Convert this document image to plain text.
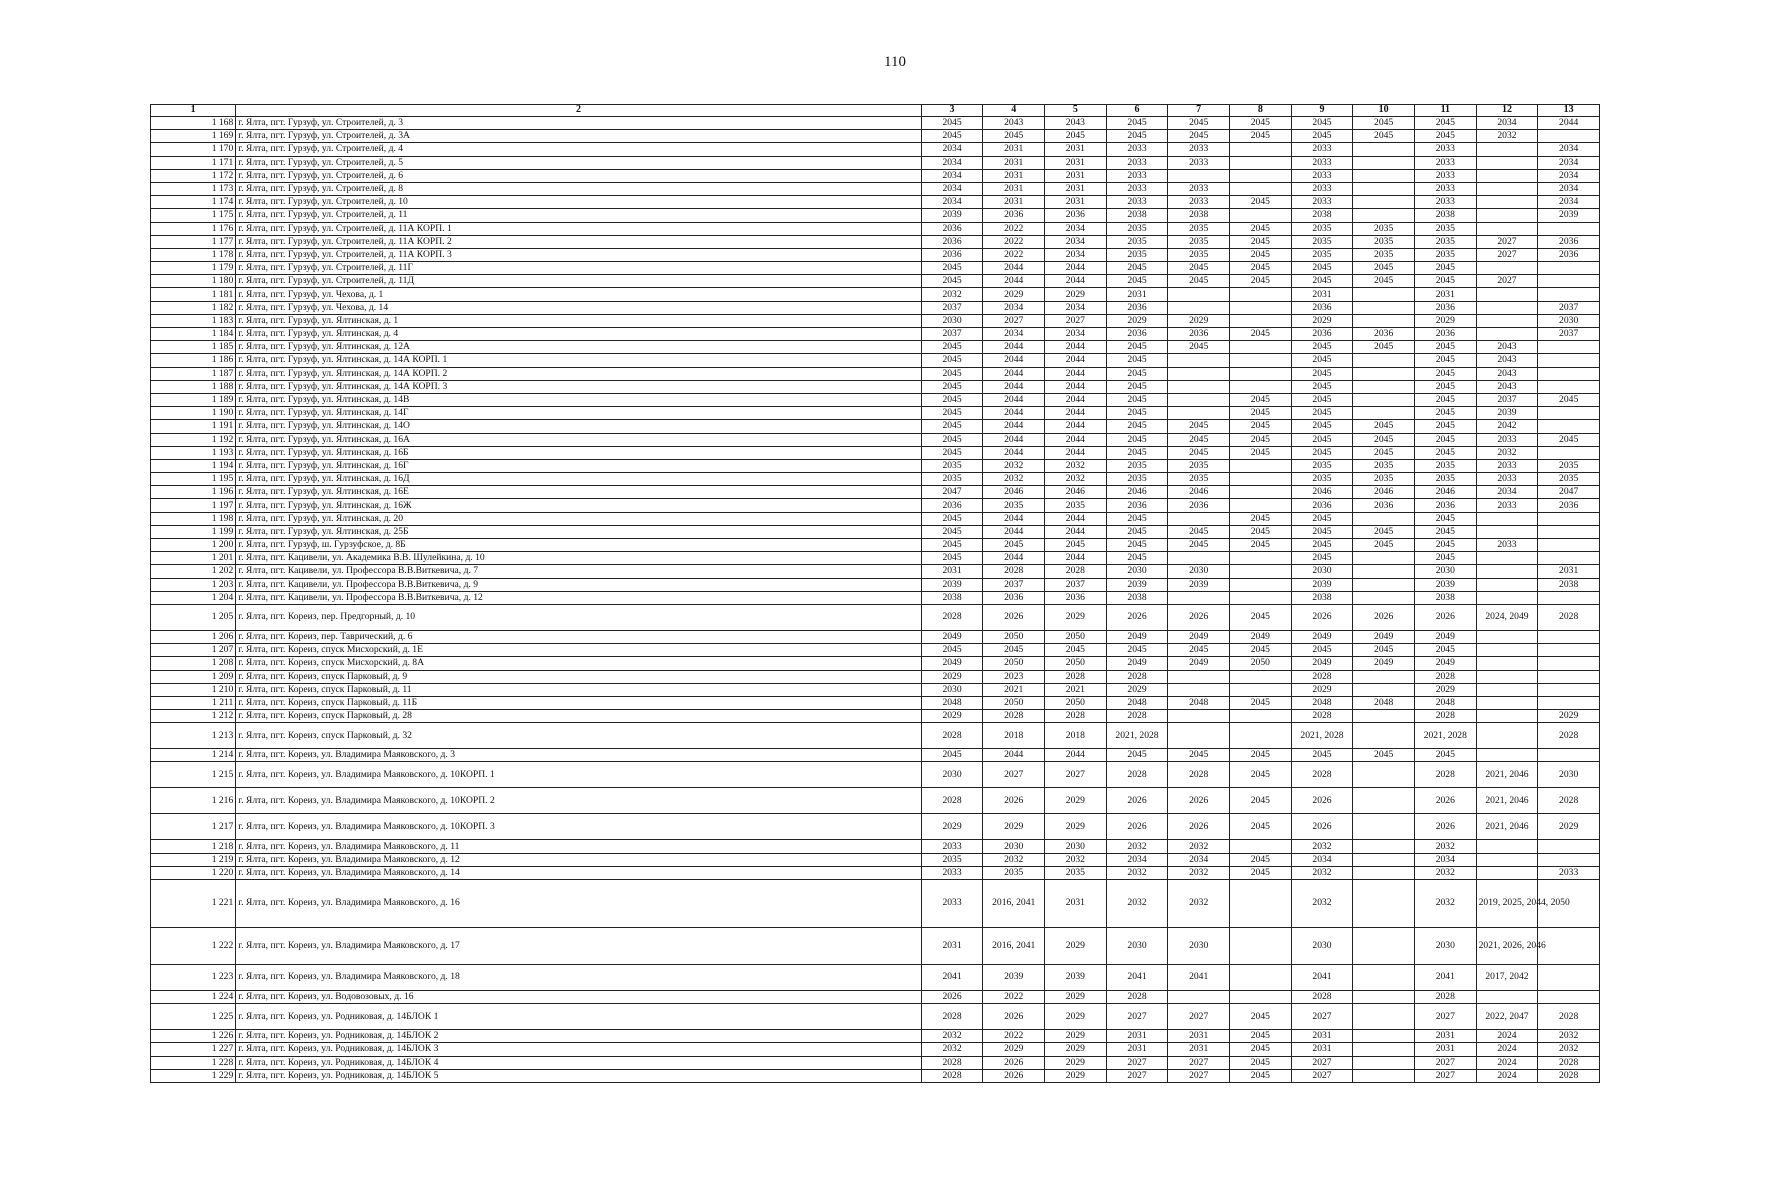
110
1	2	3	4	5	6	7	8	9	10	11	12	13
1 168	г. Ялта, пгт. Гурзуф, ул. Строителей, д. 3	2045	2043	2043	2045	2045	2045	2045	2045	2045	2034	2044
1 169	г. Ялта, пгт. Гурзуф, ул. Строителей, д. 3А	2045	2045	2045	2045	2045	2045	2045	2045	2045	2032	
1 170	г. Ялта, пгт. Гурзуф, ул. Строителей, д. 4	2034	2031	2031	2033	2033		2033		2033		2034
1 171	г. Ялта, пгт. Гурзуф, ул. Строителей, д. 5	2034	2031	2031	2033	2033		2033		2033		2034
1 172	г. Ялта, пгт. Гурзуф, ул. Строителей, д. 6	2034	2031	2031	2033			2033		2033		2034
1 173	г. Ялта, пгт. Гурзуф, ул. Строителей, д. 8	2034	2031	2031	2033	2033		2033		2033		2034
1 174	г. Ялта, пгт. Гурзуф, ул. Строителей, д. 10	2034	2031	2031	2033	2033	2045	2033		2033		2034
1 175	г. Ялта, пгт. Гурзуф, ул. Строителей, д. 11	2039	2036	2036	2038	2038		2038		2038		2039
1 176	г. Ялта, пгт. Гурзуф, ул. Строителей, д. 11А КОРП. 1	2036	2022	2034	2035	2035	2045	2035	2035	2035		
1 177	г. Ялта, пгт. Гурзуф, ул. Строителей, д. 11А КОРП. 2	2036	2022	2034	2035	2035	2045	2035	2035	2035	2027	2036
1 178	г. Ялта, пгт. Гурзуф, ул. Строителей, д. 11А КОРП. 3	2036	2022	2034	2035	2035	2045	2035	2035	2035	2027	2036
1 179	г. Ялта, пгт. Гурзуф, ул. Строителей, д. 11Г	2045	2044	2044	2045	2045	2045	2045	2045	2045		
1 180	г. Ялта, пгт. Гурзуф, ул. Строителей, д. 11Д	2045	2044	2044	2045	2045	2045	2045	2045	2045	2027	
1 181	г. Ялта, пгт. Гурзуф, ул. Чехова, д. 1	2032	2029	2029	2031			2031		2031		
1 182	г. Ялта, пгт. Гурзуф, ул. Чехова, д. 14	2037	2034	2034	2036			2036		2036		2037
1 183	г. Ялта, пгт. Гурзуф, ул. Ялтинская, д. 1	2030	2027	2027	2029	2029		2029		2029		2030
1 184	г. Ялта, пгт. Гурзуф, ул. Ялтинская, д. 4	2037	2034	2034	2036	2036	2045	2036	2036	2036		2037
1 185	г. Ялта, пгт. Гурзуф, ул. Ялтинская, д. 12А	2045	2044	2044	2045	2045		2045	2045	2045	2043	
1 186	г. Ялта, пгт. Гурзуф, ул. Ялтинская, д. 14А КОРП. 1	2045	2044	2044	2045			2045		2045	2043	
1 187	г. Ялта, пгт. Гурзуф, ул. Ялтинская, д. 14А КОРП. 2	2045	2044	2044	2045			2045		2045	2043	
1 188	г. Ялта, пгт. Гурзуф, ул. Ялтинская, д. 14А КОРП. 3	2045	2044	2044	2045			2045		2045	2043	
1 189	г. Ялта, пгт. Гурзуф, ул. Ялтинская, д. 14В	2045	2044	2044	2045		2045	2045		2045	2037	2045
1 190	г. Ялта, пгт. Гурзуф, ул. Ялтинская, д. 14Г	2045	2044	2044	2045		2045	2045		2045	2039	
1 191	г. Ялта, пгт. Гурзуф, ул. Ялтинская, д. 14О	2045	2044	2044	2045	2045	2045	2045	2045	2045	2042	
1 192	г. Ялта, пгт. Гурзуф, ул. Ялтинская, д. 16А	2045	2044	2044	2045	2045	2045	2045	2045	2045	2033	2045
1 193	г. Ялта, пгт. Гурзуф, ул. Ялтинская, д. 16Б	2045	2044	2044	2045	2045	2045	2045	2045	2045	2032	
1 194	г. Ялта, пгт. Гурзуф, ул. Ялтинская, д. 16Г	2035	2032	2032	2035	2035		2035	2035	2035	2033	2035
1 195	г. Ялта, пгт. Гурзуф, ул. Ялтинская, д. 16Д	2035	2032	2032	2035	2035		2035	2035	2035	2033	2035
1 196	г. Ялта, пгт. Гурзуф, ул. Ялтинская, д. 16Е	2047	2046	2046	2046	2046		2046	2046	2046	2034	2047
1 197	г. Ялта, пгт. Гурзуф, ул. Ялтинская, д. 16Ж	2036	2035	2035	2036	2036		2036	2036	2036	2033	2036
1 198	г. Ялта, пгт. Гурзуф, ул. Ялтинская, д. 20	2045	2044	2044	2045		2045	2045		2045		
1 199	г. Ялта, пгт. Гурзуф, ул. Ялтинская, д. 25Б	2045	2044	2044	2045	2045	2045	2045	2045	2045		
1 200	г. Ялта, пгт. Гурзуф, ш. Гурзуфское, д. 8Б	2045	2045	2045	2045	2045	2045	2045	2045	2045	2033	
1 201	г. Ялта, пгт. Кацивели, ул. Академика В.В. Шулейкина, д. 10	2045	2044	2044	2045			2045		2045		
1 202	г. Ялта, пгт. Кацивели, ул. Профессора В.В.Виткевича, д. 7	2031	2028	2028	2030	2030		2030		2030		2031
1 203	г. Ялта, пгт. Кацивели, ул. Профессора В.В.Виткевича, д. 9	2039	2037	2037	2039	2039		2039		2039		2038
1 204	г. Ялта, пгт. Кацивели, ул. Профессора В.В.Виткевича, д. 12	2038	2036	2036	2038			2038		2038		
1 205	г. Ялта, пгт. Кореиз, пер. Предгорный, д. 10	2028	2026	2029	2026	2026	2045	2026	2026	2026	2024, 2049	2028
1 206	г. Ялта, пгт. Кореиз, пер. Таврический, д. 6	2049	2050	2050	2049	2049	2049	2049	2049	2049		
1 207	г. Ялта, пгт. Кореиз, спуск Мисхорский, д. 1Е	2045	2045	2045	2045	2045	2045	2045	2045	2045		
1 208	г. Ялта, пгт. Кореиз, спуск Мисхорский, д. 8А	2049	2050	2050	2049	2049	2050	2049	2049	2049		
1 209	г. Ялта, пгт. Кореиз, спуск Парковый, д. 9	2029	2023	2028	2028			2028		2028		
1 210	г. Ялта, пгт. Кореиз, спуск Парковый, д. 11	2030	2021	2021	2029			2029		2029		
1 211	г. Ялта, пгт. Кореиз, спуск Парковый, д. 11Б	2048	2050	2050	2048	2048	2045	2048	2048	2048		
1 212	г. Ялта, пгт. Кореиз, спуск Парковый, д. 28	2029	2028	2028	2028			2028		2028		2029
1 213	г. Ялта, пгт. Кореиз, спуск Парковый, д. 32	2028	2018	2018	2021, 2028			2021, 2028		2021, 2028		2028
1 214	г. Ялта, пгт. Кореиз, ул. Владимира Маяковского, д. 3	2045	2044	2044	2045	2045	2045	2045	2045	2045		
1 215	г. Ялта, пгт. Кореиз, ул. Владимира Маяковского, д. 10КОРП. 1	2030	2027	2027	2028	2028	2045	2028		2028	2021, 2046	2030
1 216	г. Ялта, пгт. Кореиз, ул. Владимира Маяковского, д. 10КОРП. 2	2028	2026	2029	2026	2026	2045	2026		2026	2021, 2046	2028
1 217	г. Ялта, пгт. Кореиз, ул. Владимира Маяковского, д. 10КОРП. 3	2029	2029	2029	2026	2026	2045	2026		2026	2021, 2046	2029
1 218	г. Ялта, пгт. Кореиз, ул. Владимира Маяковского, д. 11	2033	2030	2030	2032	2032		2032		2032		
1 219	г. Ялта, пгт. Кореиз, ул. Владимира Маяковского, д. 12	2035	2032	2032	2034	2034	2045	2034		2034		
1 220	г. Ялта, пгт. Кореиз, ул. Владимира Маяковского, д. 14	2033	2035	2035	2032	2032	2045	2032		2032		2033
1 221	г. Ялта, пгт. Кореиз, ул. Владимира Маяковского, д. 16	2033	2016, 2041	2031	2032	2032		2032		2032	2019, 2025, 2044, 2050	
1 222	г. Ялта, пгт. Кореиз, ул. Владимира Маяковского, д. 17	2031	2016, 2041	2029	2030	2030		2030		2030	2021, 2026, 2046	
1 223	г. Ялта, пгт. Кореиз, ул. Владимира Маяковского, д. 18	2041	2039	2039	2041	2041		2041		2041	2017, 2042	
1 224	г. Ялта, пгт. Кореиз, ул. Водовозовых, д. 16	2026	2022	2029	2028			2028		2028		
1 225	г. Ялта, пгт. Кореиз, ул. Родниковая, д. 14БЛОК 1	2028	2026	2029	2027	2027	2045	2027		2027	2022, 2047	2028
1 226	г. Ялта, пгт. Кореиз, ул. Родниковая, д. 14БЛОК 2	2032	2022	2029	2031	2031	2045	2031		2031	2024	2032
1 227	г. Ялта, пгт. Кореиз, ул. Родниковая, д. 14БЛОК 3	2032	2029	2029	2031	2031	2045	2031		2031	2024	2032
1 228	г. Ялта, пгт. Кореиз, ул. Родниковая, д. 14БЛОК 4	2028	2026	2029	2027	2027	2045	2027		2027	2024	2028
1 229	г. Ялта, пгт. Кореиз, ул. Родниковая, д. 14БЛОК 5	2028	2026	2029	2027	2027	2045	2027		2027	2024	2028
